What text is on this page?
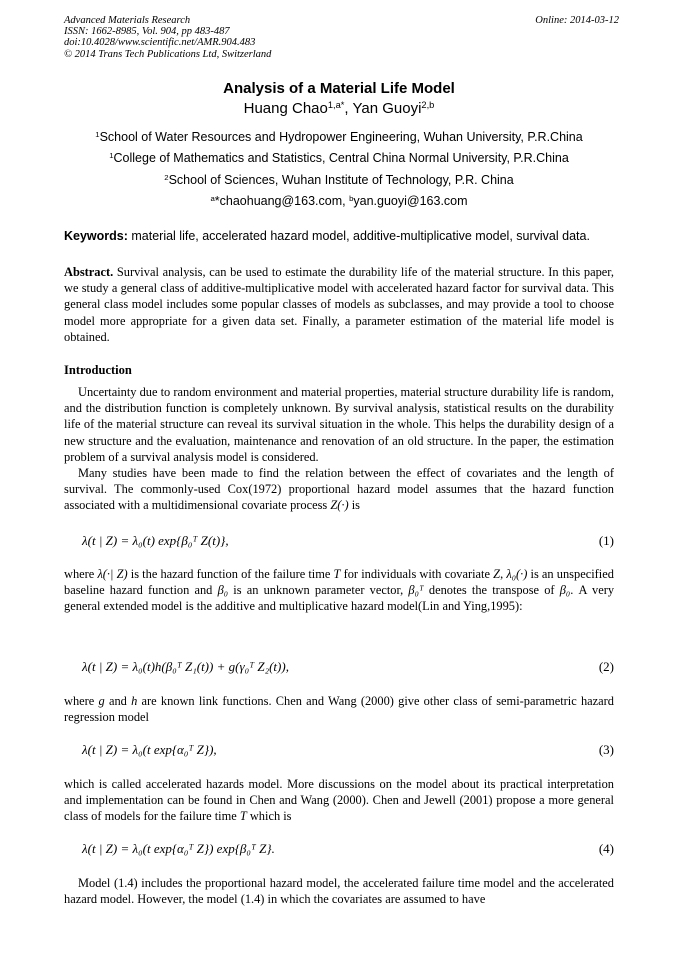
Advanced Materials Research
ISSN: 1662-8985, Vol. 904, pp 483-487
doi:10.4028/www.scientific.net/AMR.904.483
© 2014 Trans Tech Publications Ltd, Switzerland
Online: 2014-03-12
Analysis of a Material Life Model
Huang Chao$^{1,a*}$, Yan Guoyi$^{2,b}$
$^1$School of Water Resources and Hydropower Engineering, Wuhan University, P.R.China
$^1$College of Mathematics and Statistics, Central China Normal University, P.R.China
$^2$School of Sciences, Wuhan Institute of Technology, P.R. China
$^a$*chaohuang@163.com, $^b$yan.guoyi@163.com
Keywords: material life, accelerated hazard model, additive-multiplicative model, survival data.

Abstract. Survival analysis, can be used to estimate the durability life of the material structure. In this paper, we study a general class of additive-multiplicative model with accelerated hazard factor for survival data. This general class model includes some popular classes of models as subclasses, and may provide a tool to choose model more appropriate for a given data set. Finally, a parameter estimation of the material life model is obtained.

Introduction

Uncertainty due to random environment and material properties, material structure durability life is random, and the distribution function is completely unknown. By survival analysis, statistical results on the durability life of the material structure can reveal its survival situation in the whole. This helps the durability design of a new structure and the evaluation, maintenance and renovation of an old structure. In the paper, the estimation problem of a survival analysis model is considered.

Many studies have been made to find the relation between the effect of covariates and the length of survival. The commonly-used Cox(1972) proportional hazard model assumes that the hazard function associated with a multidimensional covariate process Z(·) is

λ(t | Z) = λ₀(t) exp{β₀ᵀ Z(t)},	(1)

where λ(·| Z) is the hazard function of the failure time T for individuals with covariate Z, λ₀(·) is an unspecified baseline hazard function and β₀ is an unknown parameter vector, β₀ᵀ denotes the transpose of β₀. A very general extended model is the additive and multiplicative hazard model(Lin and Ying,1995):

λ(t | Z) = λ₀(t)h(β₀ᵀ Z₁(t)) + g(γ₀ᵀ Z₂(t)),	(2)

where g and h are known link functions. Chen and Wang (2000) give other class of semi-parametric hazard regression model

λ(t | Z) = λ₀(t exp{α₀ᵀ Z}),	(3)

which is called accelerated hazards model. More discussions on the model about its practical interpretation and implementation can be found in Chen and Wang (2000). Chen and Jewell (2001) propose a more general class of models for the failure time T which is

λ(t | Z) = λ₀(t exp{α₀ᵀ Z}) exp{β₀ᵀ Z}.	(4)

Model (1.4) includes the proportional hazard model, the accelerated failure time model and the accelerated hazard model. However, the model (1.4) in which the covariates are assumed to have
